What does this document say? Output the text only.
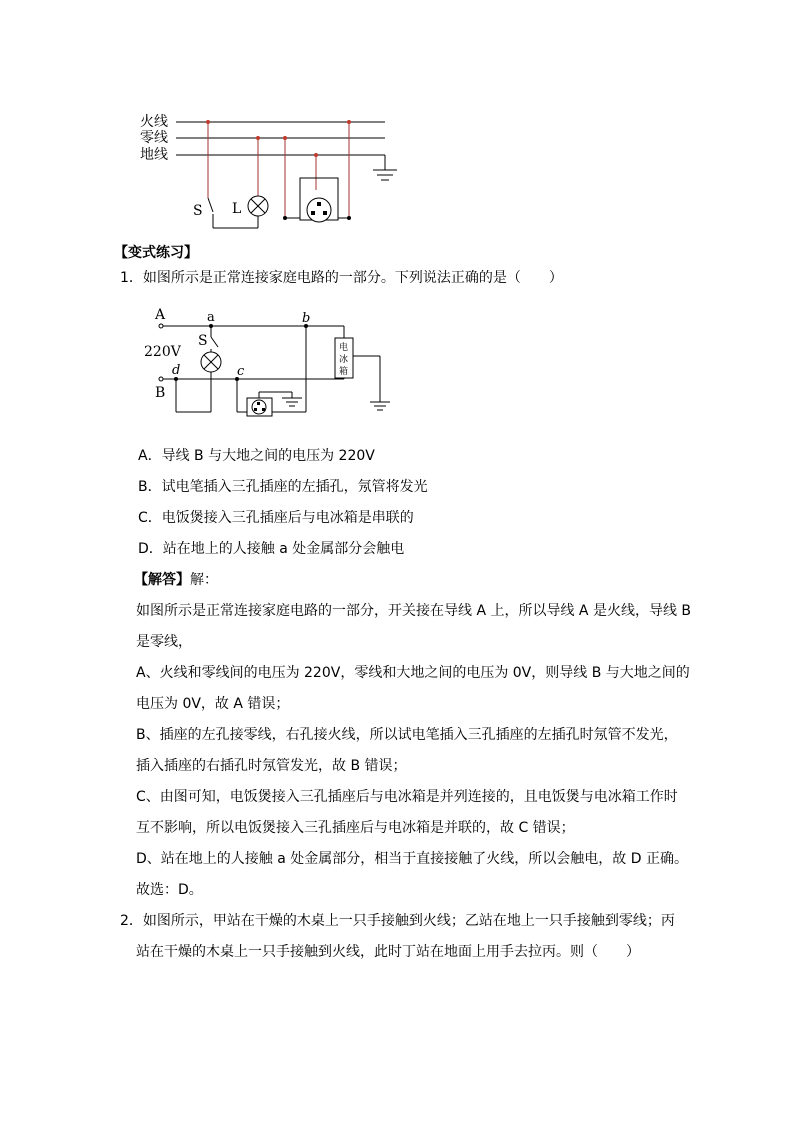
火线
零线
地线
S L
【变式练习】
1．如图所示是正常连接家庭电路的一部分。下列说法正确的是（　　）
A
B
a	b
c
d
S
220V	电
冰
箱
A．导线 B 与大地之间的电压为 220V
B．试电笔插入三孔插座的左插孔，氖管将发光
C．电饭煲接入三孔插座后与电冰箱是串联的
D．站在地上的人接触 a 处金属部分会触电
【解答】解：
如图所示是正常连接家庭电路的一部分，开关接在导线 A 上，所以导线 A 是火线，导线 B
是零线，
A、火线和零线间的电压为 220V，零线和大地之间的电压为 0V，则导线 B 与大地之间的
电压为 0V，故 A 错误；
B、插座的左孔接零线，右孔接火线，所以试电笔插入三孔插座的左插孔时氖管不发光，
插入插座的右插孔时氖管发光，故 B 错误；
C、由图可知，电饭煲接入三孔插座后与电冰箱是并列连接的，且电饭煲与电冰箱工作时
互不影响，所以电饭煲接入三孔插座后与电冰箱是并联的，故 C 错误；
D、站在地上的人接触 a 处金属部分，相当于直接接触了火线，所以会触电，故 D 正确。
故选：D。
2．如图所示，甲站在干燥的木桌上一只手接触到火线；乙站在地上一只手接触到零线；丙
站在干燥的木桌上一只手接触到火线，此时丁站在地面上用手去拉丙。则（　　）
